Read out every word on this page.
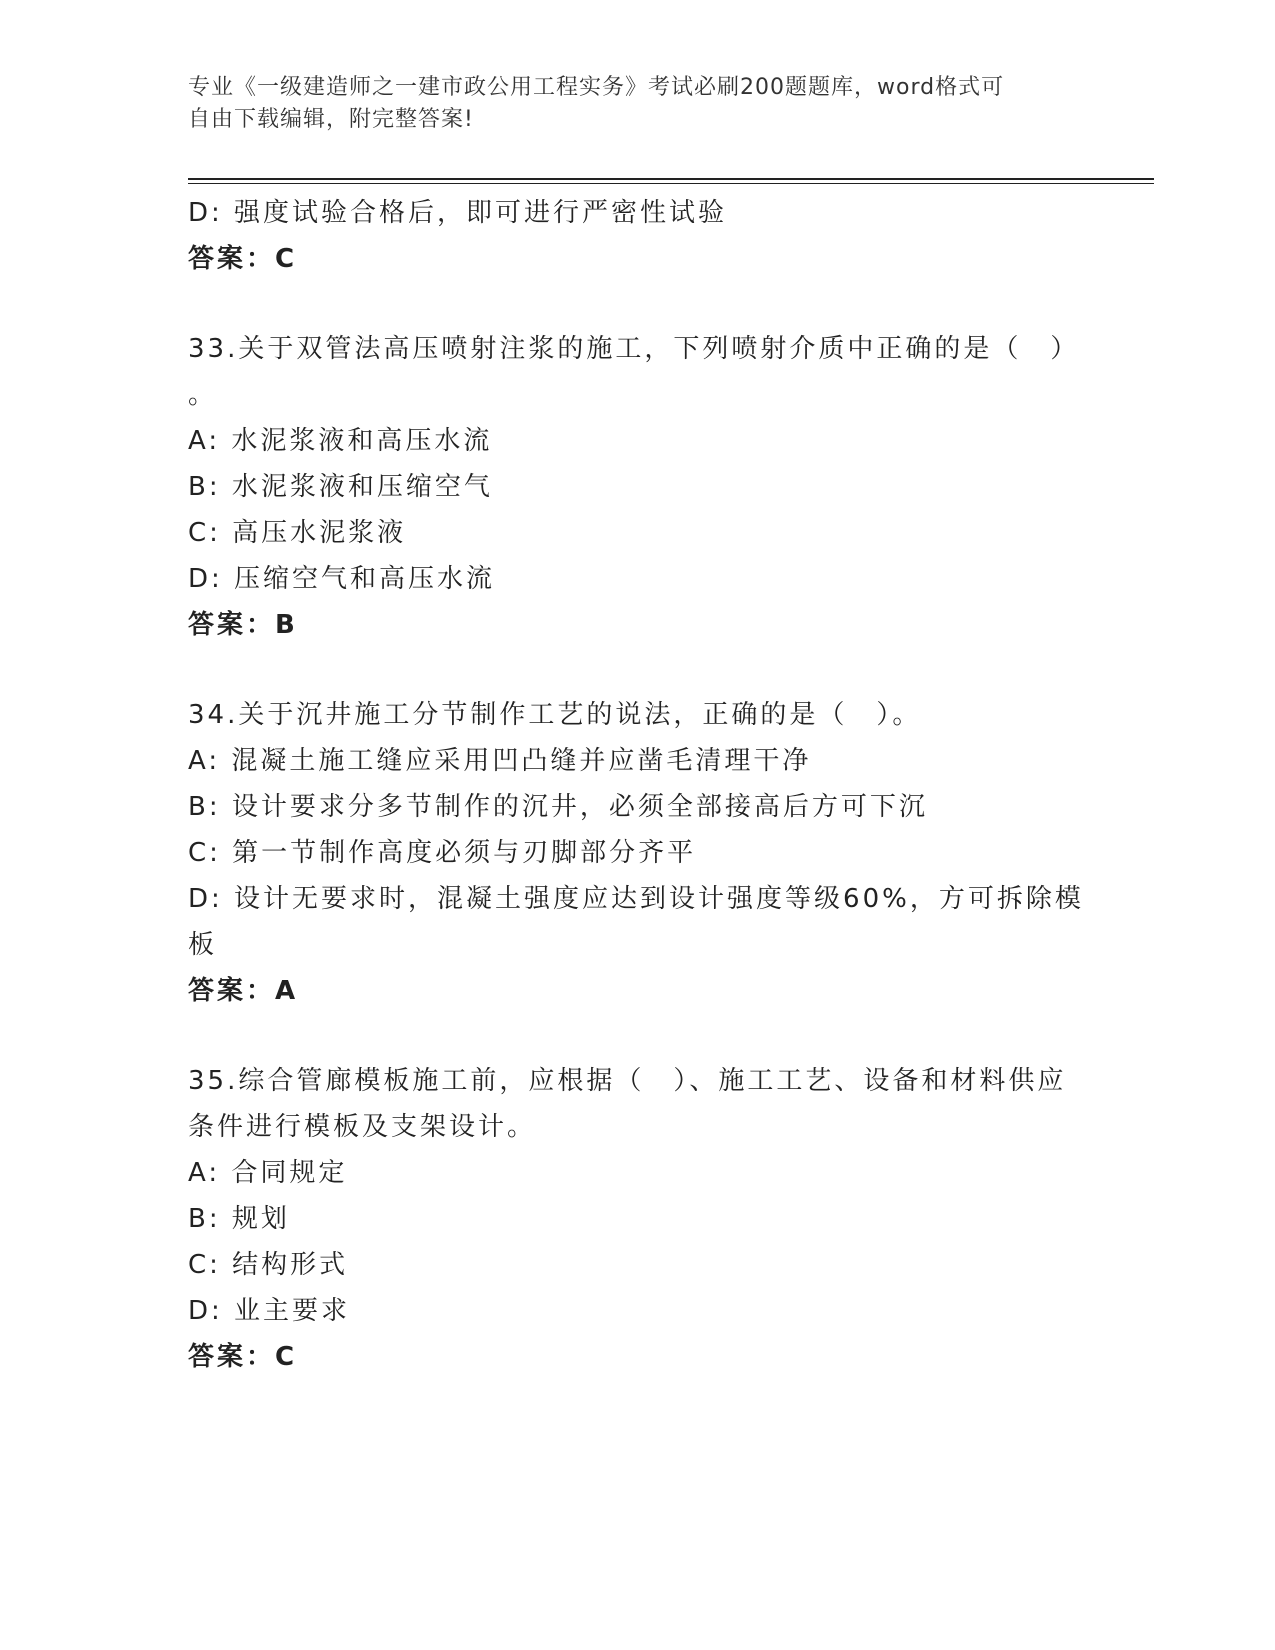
专业《一级建造师之一建市政公用工程实务》考试必刷200题题库，word格式可

自由下载编辑，附完整答案!

D: 强度试验合格后，即可进行严密性试验

答案：C

33.关于双管法高压喷射注浆的施工，下列喷射介质中正确的是（　）

。

A: 水泥浆液和高压水流

B: 水泥浆液和压缩空气

C: 高压水泥浆液

D: 压缩空气和高压水流

答案：B

34.关于沉井施工分节制作工艺的说法，正确的是（　）。

A: 混凝土施工缝应采用凹凸缝并应凿毛清理干净

B: 设计要求分多节制作的沉井，必须全部接高后方可下沉

C: 第一节制作高度必须与刃脚部分齐平

D: 设计无要求时，混凝土强度应达到设计强度等级60%，方可拆除模

板

答案：A

35.综合管廊模板施工前，应根据（　）、施工工艺、设备和材料供应

条件进行模板及支架设计。

A: 合同规定

B: 规划

C: 结构形式

D: 业主要求

答案：C
